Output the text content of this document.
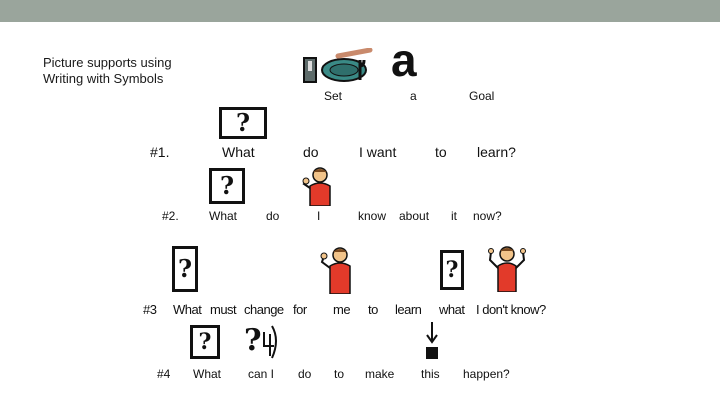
Picture supports using
Writing with Symbols	a
Set	a	Goal
?
#1.	What	do	I want	to learn?
?
#2.	What do	I	know about it now?
?	?
#3 What must change for me to learn what I don't know?
? ?
#4 What can I do to make this happen?
